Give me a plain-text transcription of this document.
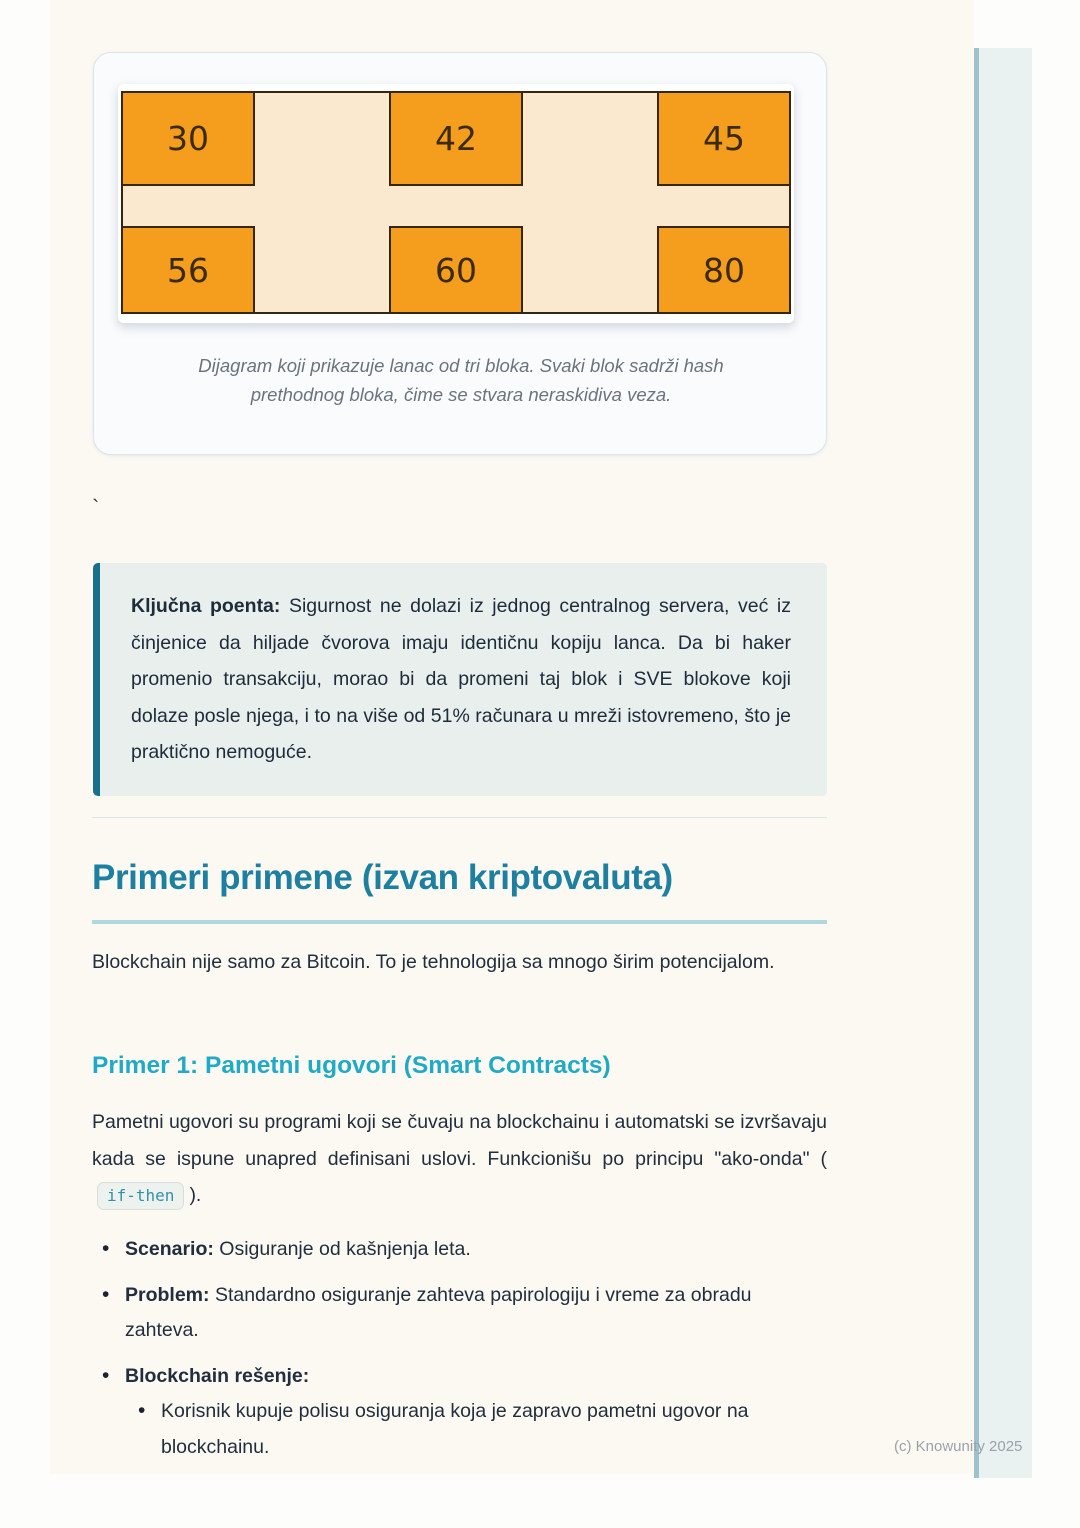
30	42	45
56	60	80
Dijagram koji prikazuje lanac od tri bloka. Svaki blok sadrži hash prethodnog bloka, čime se stvara neraskidiva veza.
`

Ključna poenta: Sigurnost ne dolazi iz jednog centralnog servera, već iz činjenice da hiljade čvorova imaju identičnu kopiju lanca. Da bi haker promenio transakciju, morao bi da promeni taj blok i SVE blokove koji dolaze posle njega, i to na više od 51% računara u mreži istovremeno, što je praktično nemoguće.

Primeri primene (izvan kriptovaluta)

Blockchain nije samo za Bitcoin. To je tehnologija sa mnogo širim potencijalom.

Primer 1: Pametni ugovori (Smart Contracts)

Pametni ugovori su programi koji se čuvaju na blockchainu i automatski se izvršavaju kada se ispune unapred definisani uslovi. Funkcionišu po principu "ako-onda" (if-then ).

• Scenario: Osiguranje od kašnjenja leta.
• Problem: Standardno osiguranje zahteva papirologiju i vreme za obradu zahteva.
• Blockchain rešenje:
• Korisnik kupuje polisu osiguranja koja je zapravo pametni ugovor na blockchainu.	(c) Knowunity 2025
